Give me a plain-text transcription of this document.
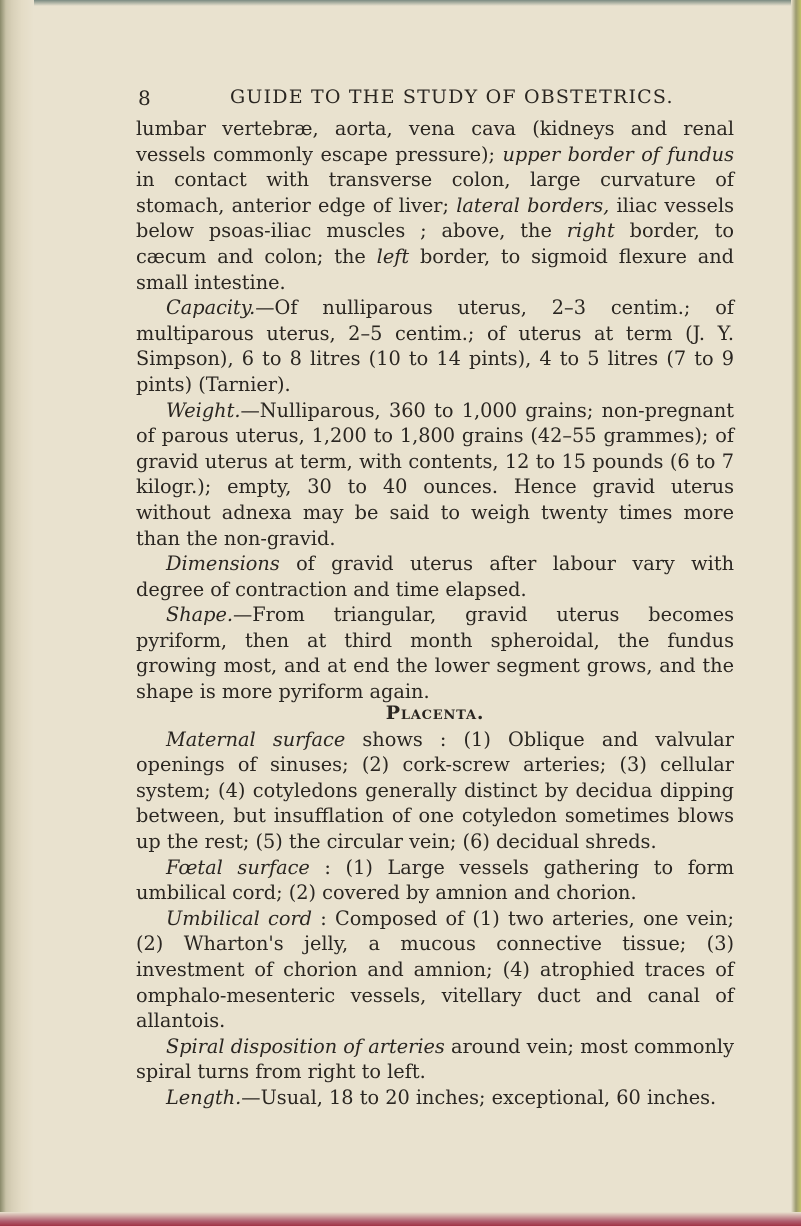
8	GUIDE TO THE STUDY OF OBSTETRICS.

lumbar vertebræ, aorta, vena cava (kidneys and renal vessels commonly escape pressure); upper border of fundus in contact with transverse colon, large curvature of stomach, anterior edge of liver; lateral borders, iliac vessels below psoas-iliac muscles ; above, the right border, to cæcum and colon; the left border, to sigmoid flexure and small intestine.

Capacity.—Of nulliparous uterus, 2–3 centim.; of multiparous uterus, 2–5 centim.; of uterus at term (J. Y. Simpson), 6 to 8 litres (10 to 14 pints), 4 to 5 litres (7 to 9 pints) (Tarnier).

Weight.—Nulliparous, 360 to 1,000 grains; non-pregnant of parous uterus, 1,200 to 1,800 grains (42–55 grammes); of gravid uterus at term, with contents, 12 to 15 pounds (6 to 7 kilogr.); empty, 30 to 40 ounces. Hence gravid uterus without adnexa may be said to weigh twenty times more than the non-gravid.

Dimensions of gravid uterus after labour vary with degree of contraction and time elapsed.

Shape.—From triangular, gravid uterus becomes pyriform, then at third month spheroidal, the fundus growing most, and at end the lower segment grows, and the shape is more pyriform again.

Placenta.

Maternal surface shows : (1) Oblique and valvular openings of sinuses; (2) cork-screw arteries; (3) cellular system; (4) cotyledons generally distinct by decidua dipping between, but insufflation of one cotyledon sometimes blows up the rest; (5) the circular vein; (6) decidual shreds.

Fœtal surface : (1) Large vessels gathering to form umbilical cord; (2) covered by amnion and chorion.

Umbilical cord : Composed of (1) two arteries, one vein; (2) Wharton's jelly, a mucous connective tissue; (3) investment of chorion and amnion; (4) atrophied traces of omphalo-mesenteric vessels, vitellary duct and canal of allantois.

Spiral disposition of arteries around vein; most commonly spiral turns from right to left.

Length.—Usual, 18 to 20 inches; exceptional, 60 inches.
